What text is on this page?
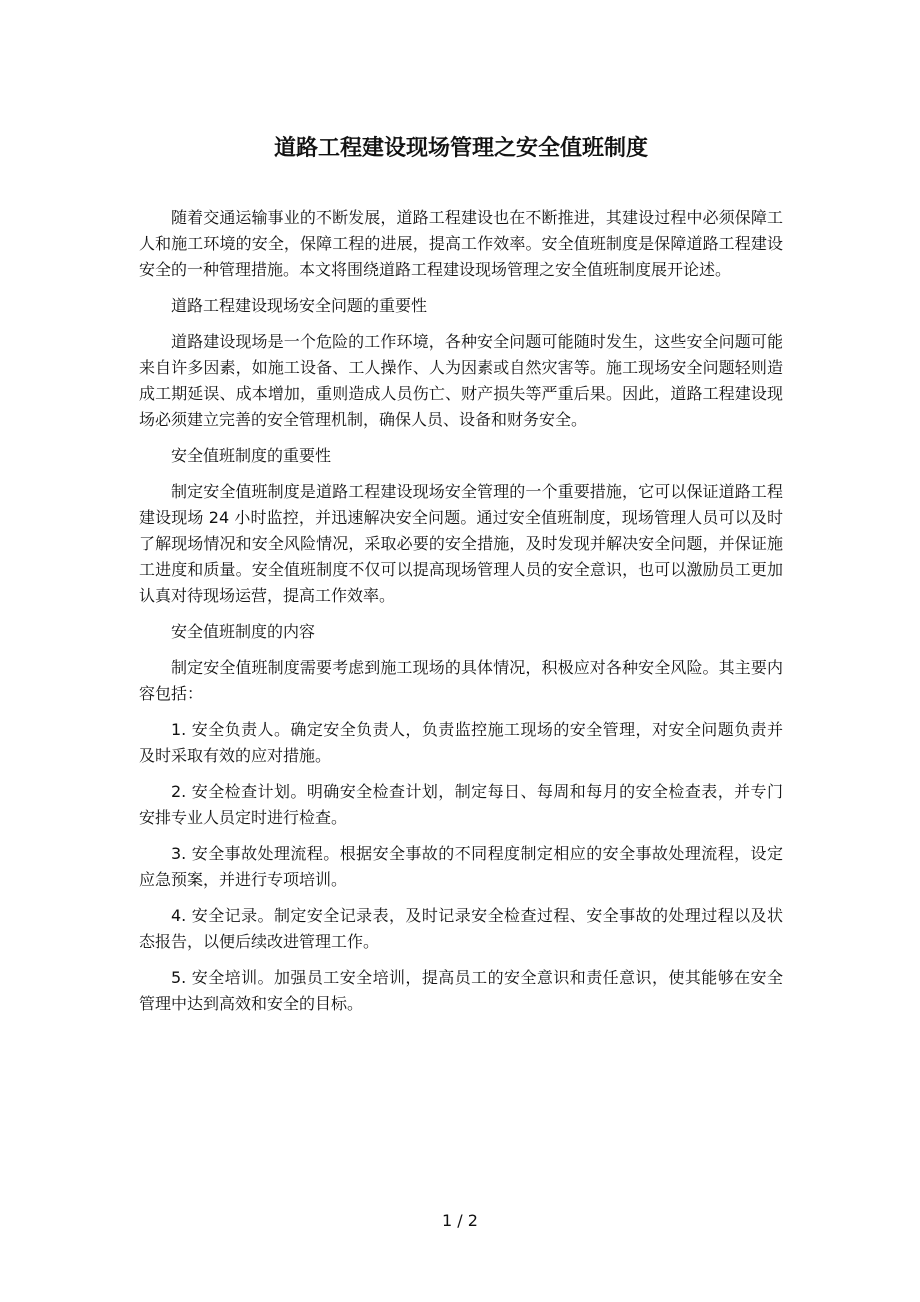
道路工程建设现场管理之安全值班制度

随着交通运输事业的不断发展，道路工程建设也在不断推进，其建设过程中必须保障工人和施工环境的安全，保障工程的进展，提高工作效率。安全值班制度是保障道路工程建设安全的一种管理措施。本文将围绕道路工程建设现场管理之安全值班制度展开论述。

道路工程建设现场安全问题的重要性

道路建设现场是一个危险的工作环境，各种安全问题可能随时发生，这些安全问题可能来自许多因素，如施工设备、工人操作、人为因素或自然灾害等。施工现场安全问题轻则造成工期延误、成本增加，重则造成人员伤亡、财产损失等严重后果。因此，道路工程建设现场必须建立完善的安全管理机制，确保人员、设备和财务安全。

安全值班制度的重要性

制定安全值班制度是道路工程建设现场安全管理的一个重要措施，它可以保证道路工程建设现场 24 小时监控，并迅速解决安全问题。通过安全值班制度，现场管理人员可以及时了解现场情况和安全风险情况，采取必要的安全措施，及时发现并解决安全问题，并保证施工进度和质量。安全值班制度不仅可以提高现场管理人员的安全意识，也可以激励员工更加认真对待现场运营，提高工作效率。

安全值班制度的内容

制定安全值班制度需要考虑到施工现场的具体情况，积极应对各种安全风险。其主要内容包括：

1. 安全负责人。确定安全负责人，负责监控施工现场的安全管理，对安全问题负责并及时采取有效的应对措施。

2. 安全检查计划。明确安全检查计划，制定每日、每周和每月的安全检查表，并专门安排专业人员定时进行检查。

3. 安全事故处理流程。根据安全事故的不同程度制定相应的安全事故处理流程，设定应急预案，并进行专项培训。

4. 安全记录。制定安全记录表，及时记录安全检查过程、安全事故的处理过程以及状态报告，以便后续改进管理工作。

5. 安全培训。加强员工安全培训，提高员工的安全意识和责任意识，使其能够在安全管理中达到高效和安全的目标。

1 / 2
